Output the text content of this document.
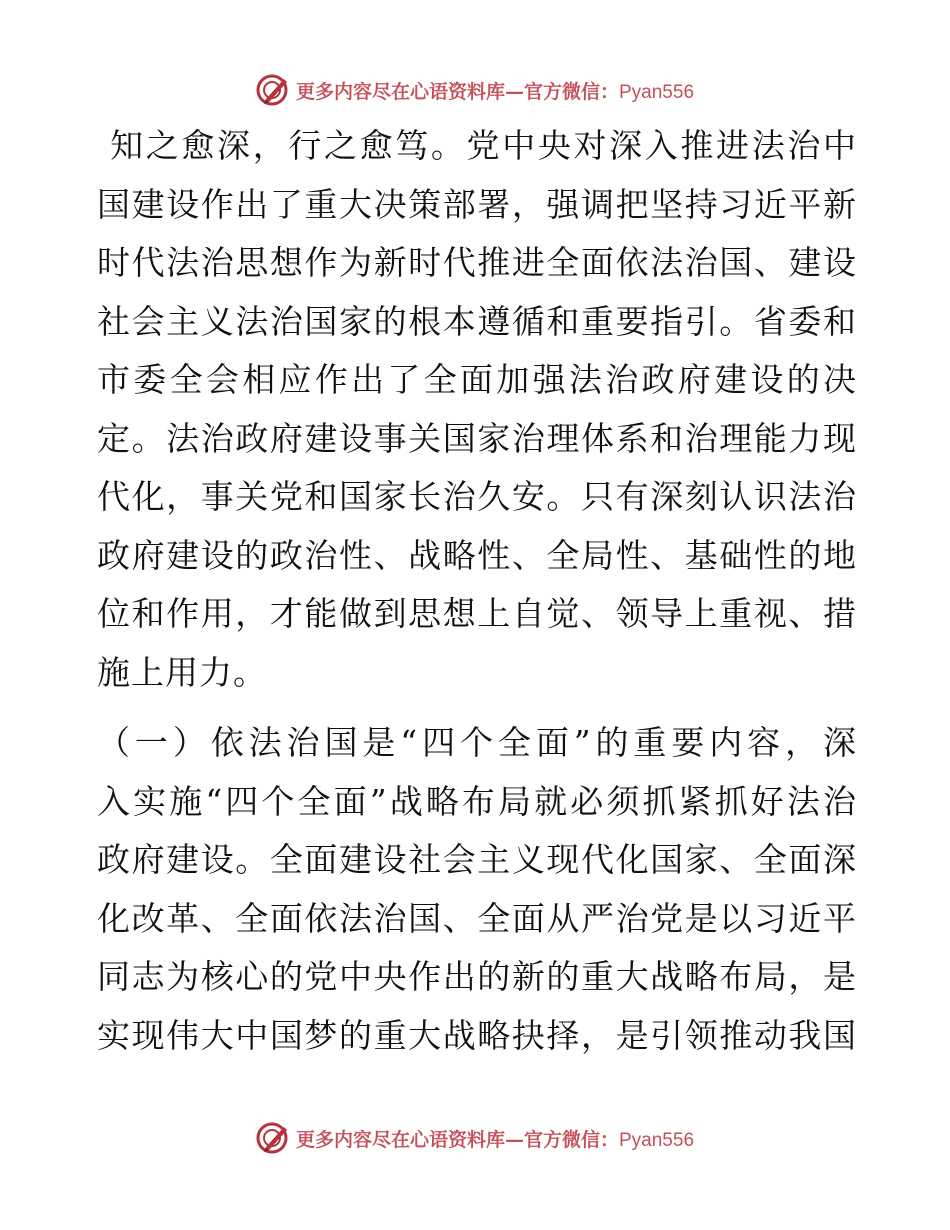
更多内容尽在心语资料库—官方微信：Pyan556
知之愈深，行之愈笃。党中央对深入推进法治中
国建设作出了重大决策部署，强调把坚持习近平新
时代法治思想作为新时代推进全面依法治国、建设
社会主义法治国家的根本遵循和重要指引。省委和
市委全会相应作出了全面加强法治政府建设的决
定。法治政府建设事关国家治理体系和治理能力现
代化，事关党和国家长治久安。只有深刻认识法治
政府建设的政治性、战略性、全局性、基础性的地
位和作用，才能做到思想上自觉、领导上重视、措
施上用力。
（一）依法治国是“四个全面”的重要内容，深
入实施“四个全面”战略布局就必须抓紧抓好法治
政府建设。全面建设社会主义现代化国家、全面深
化改革、全面依法治国、全面从严治党是以习近平
同志为核心的党中央作出的新的重大战略布局，是
实现伟大中国梦的重大战略抉择，是引领推动我国
更多内容尽在心语资料库—官方微信：Pyan556
